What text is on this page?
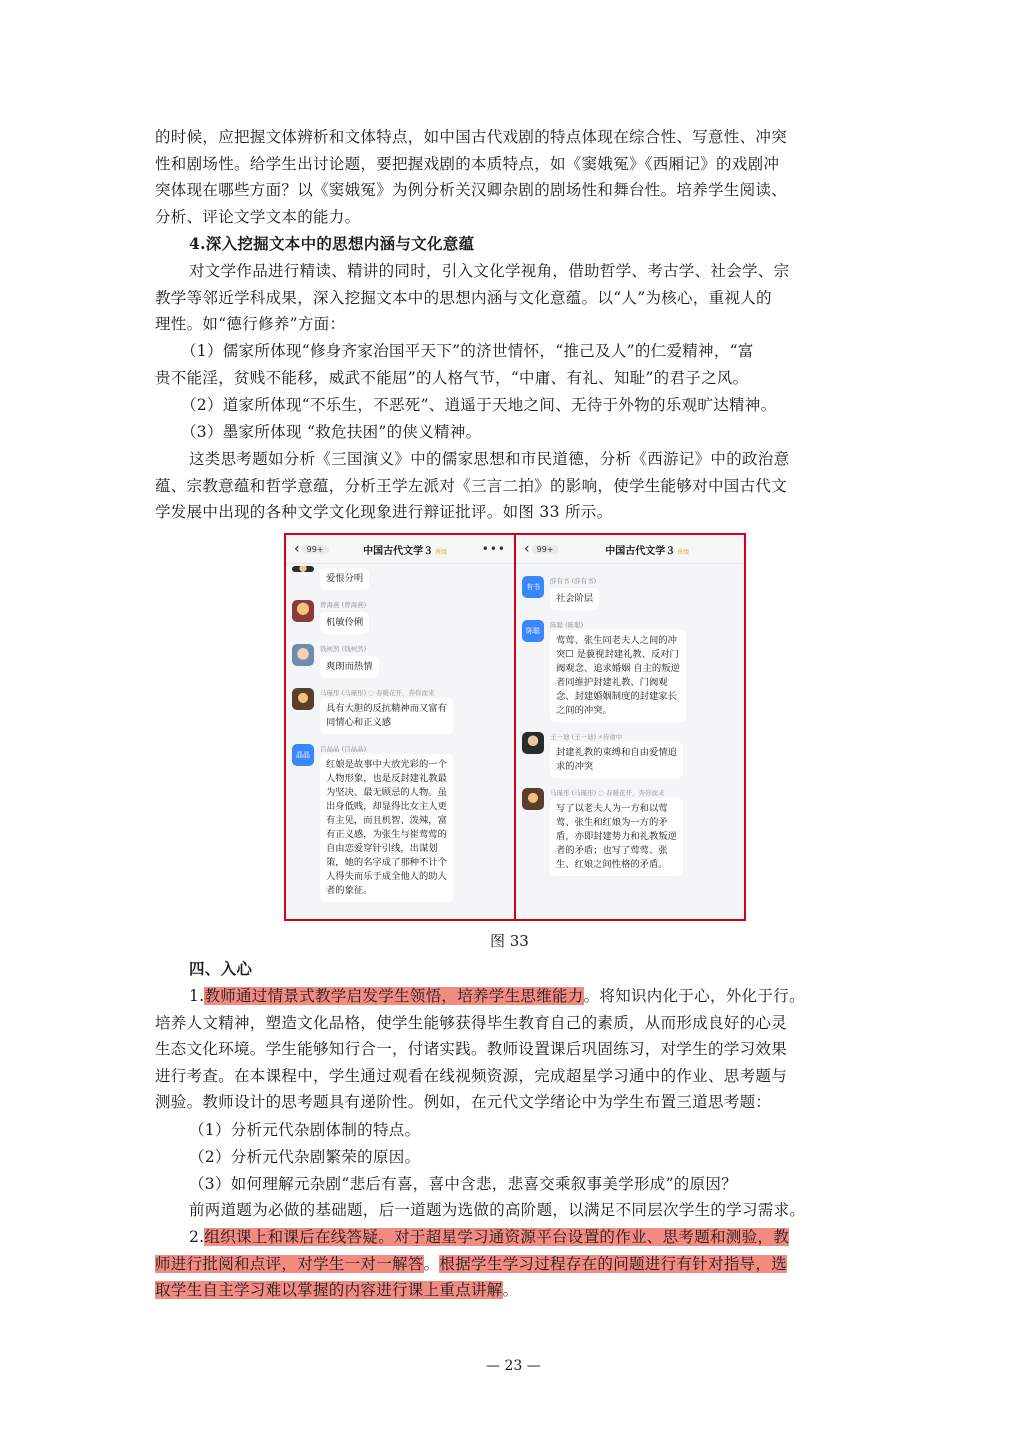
的时候，应把握文体辨析和文体特点，如中国古代戏剧的特点体现在综合性、写意性、冲突
性和剧场性。给学生出讨论题，要把握戏剧的本质特点，如《窦娥冤》《西厢记》的戏剧冲
突体现在哪些方面？以《窦娥冤》为例分析关汉卿杂剧的剧场性和舞台性。培养学生阅读、
分析、评论文学文本的能力。
4.深入挖掘文本中的思想内涵与文化意蕴
对文学作品进行精读、精讲的同时，引入文化学视角，借助哲学、考古学、社会学、宗
教学等邻近学科成果，深入挖掘文本中的思想内涵与文化意蕴。以“人”为核心，重视人的
理性。如“德行修养”方面：
（1）儒家所体现“修身齐家治国平天下”的济世情怀，“推己及人”的仁爱精神，“富
贵不能淫，贫贱不能移，威武不能屈”的人格气节，“中庸、有礼、知耻”的君子之风。
（2）道家所体现“不乐生，不恶死”、逍遥于天地之间、无待于外物的乐观旷达精神。
（3）墨家所体现 “救危扶困”的侠义精神。
这类思考题如分析《三国演义》中的儒家思想和市民道德，分析《西游记》中的政治意
蕴、宗教意蕴和哲学意蕴，分析王学左派对《三言二拍》的影响，使学生能够对中国古代文
学发展中出现的各种文学文化现象进行辩证批评。如图 33 所示。
‹ 99+	中国古代文学３ 班级	•••
爱恨分明
曾海燕 (曾海燕)
机敏伶俐
钱柯然 (钱柯然)
爽朗而热情
马瑾彤 (马瑾彤) ◌ 春暖花开，奔你而来
具有大胆的反抗精神而又富有
同情心和正义感
晶晶
吕晶晶 (吕晶晶)
红娘是故事中大放光彩的一个
人物形象，也是反封建礼教最
为坚决、最无顾忌的人物。虽
出身低贱，却显得比女主人更
有主见，而且机智、泼辣，富
有正义感，为张生与崔莺莺的
自由恋爱穿针引线，出谋划
策，她的名字成了那种不计个
人得失而乐于成全他人的助人
者的象征。
‹ 99+	中国古代文学３ 班级
有书
薛有书 (薛有书)
社会阶层
陈聪
陈聪 (陈聪)
莺莺、张生同老夫人之间的冲
突☐ 是藐视封建礼教、反对门
阀观念、追求婚姻 自主的叛逆
者同维护封建礼教、门阀观
念、封建婚姻制度的封建家长
之间的冲突。
王一迪 (王一迪) ⚡待命中
封建礼教的束缚和自由爱情追
求的冲突
马瑾彤 (马瑾彤) ◌ 春暖花开，奔你而来
写了以老夫人为一方和以莺
莺、张生和红娘为一方的矛
盾，亦即封建势力和礼教叛逆
者的矛盾；也写了莺莺、张
生、红娘之间性格的矛盾。
图 33
四、入心
1.教师通过情景式教学启发学生领悟，培养学生思维能力。将知识内化于心，外化于行。
培养人文精神，塑造文化品格，使学生能够获得毕生教育自己的素质，从而形成良好的心灵
生态文化环境。学生能够知行合一，付诸实践。教师设置课后巩固练习，对学生的学习效果
进行考查。在本课程中，学生通过观看在线视频资源，完成超星学习通中的作业、思考题与
测验。教师设计的思考题具有递阶性。例如，在元代文学绪论中为学生布置三道思考题：
（1）分析元代杂剧体制的特点。
（2）分析元代杂剧繁荣的原因。
（3）如何理解元杂剧“悲后有喜，喜中含悲，悲喜交乘叙事美学形成”的原因？
前两道题为必做的基础题，后一道题为选做的高阶题，以满足不同层次学生的学习需求。
2.组织课上和课后在线答疑。对于超星学习通资源平台设置的作业、思考题和测验，教
师进行批阅和点评，对学生一对一解答。根据学生学习过程存在的问题进行有针对指导，选
取学生自主学习难以掌握的内容进行课上重点讲解。
— 23 —
